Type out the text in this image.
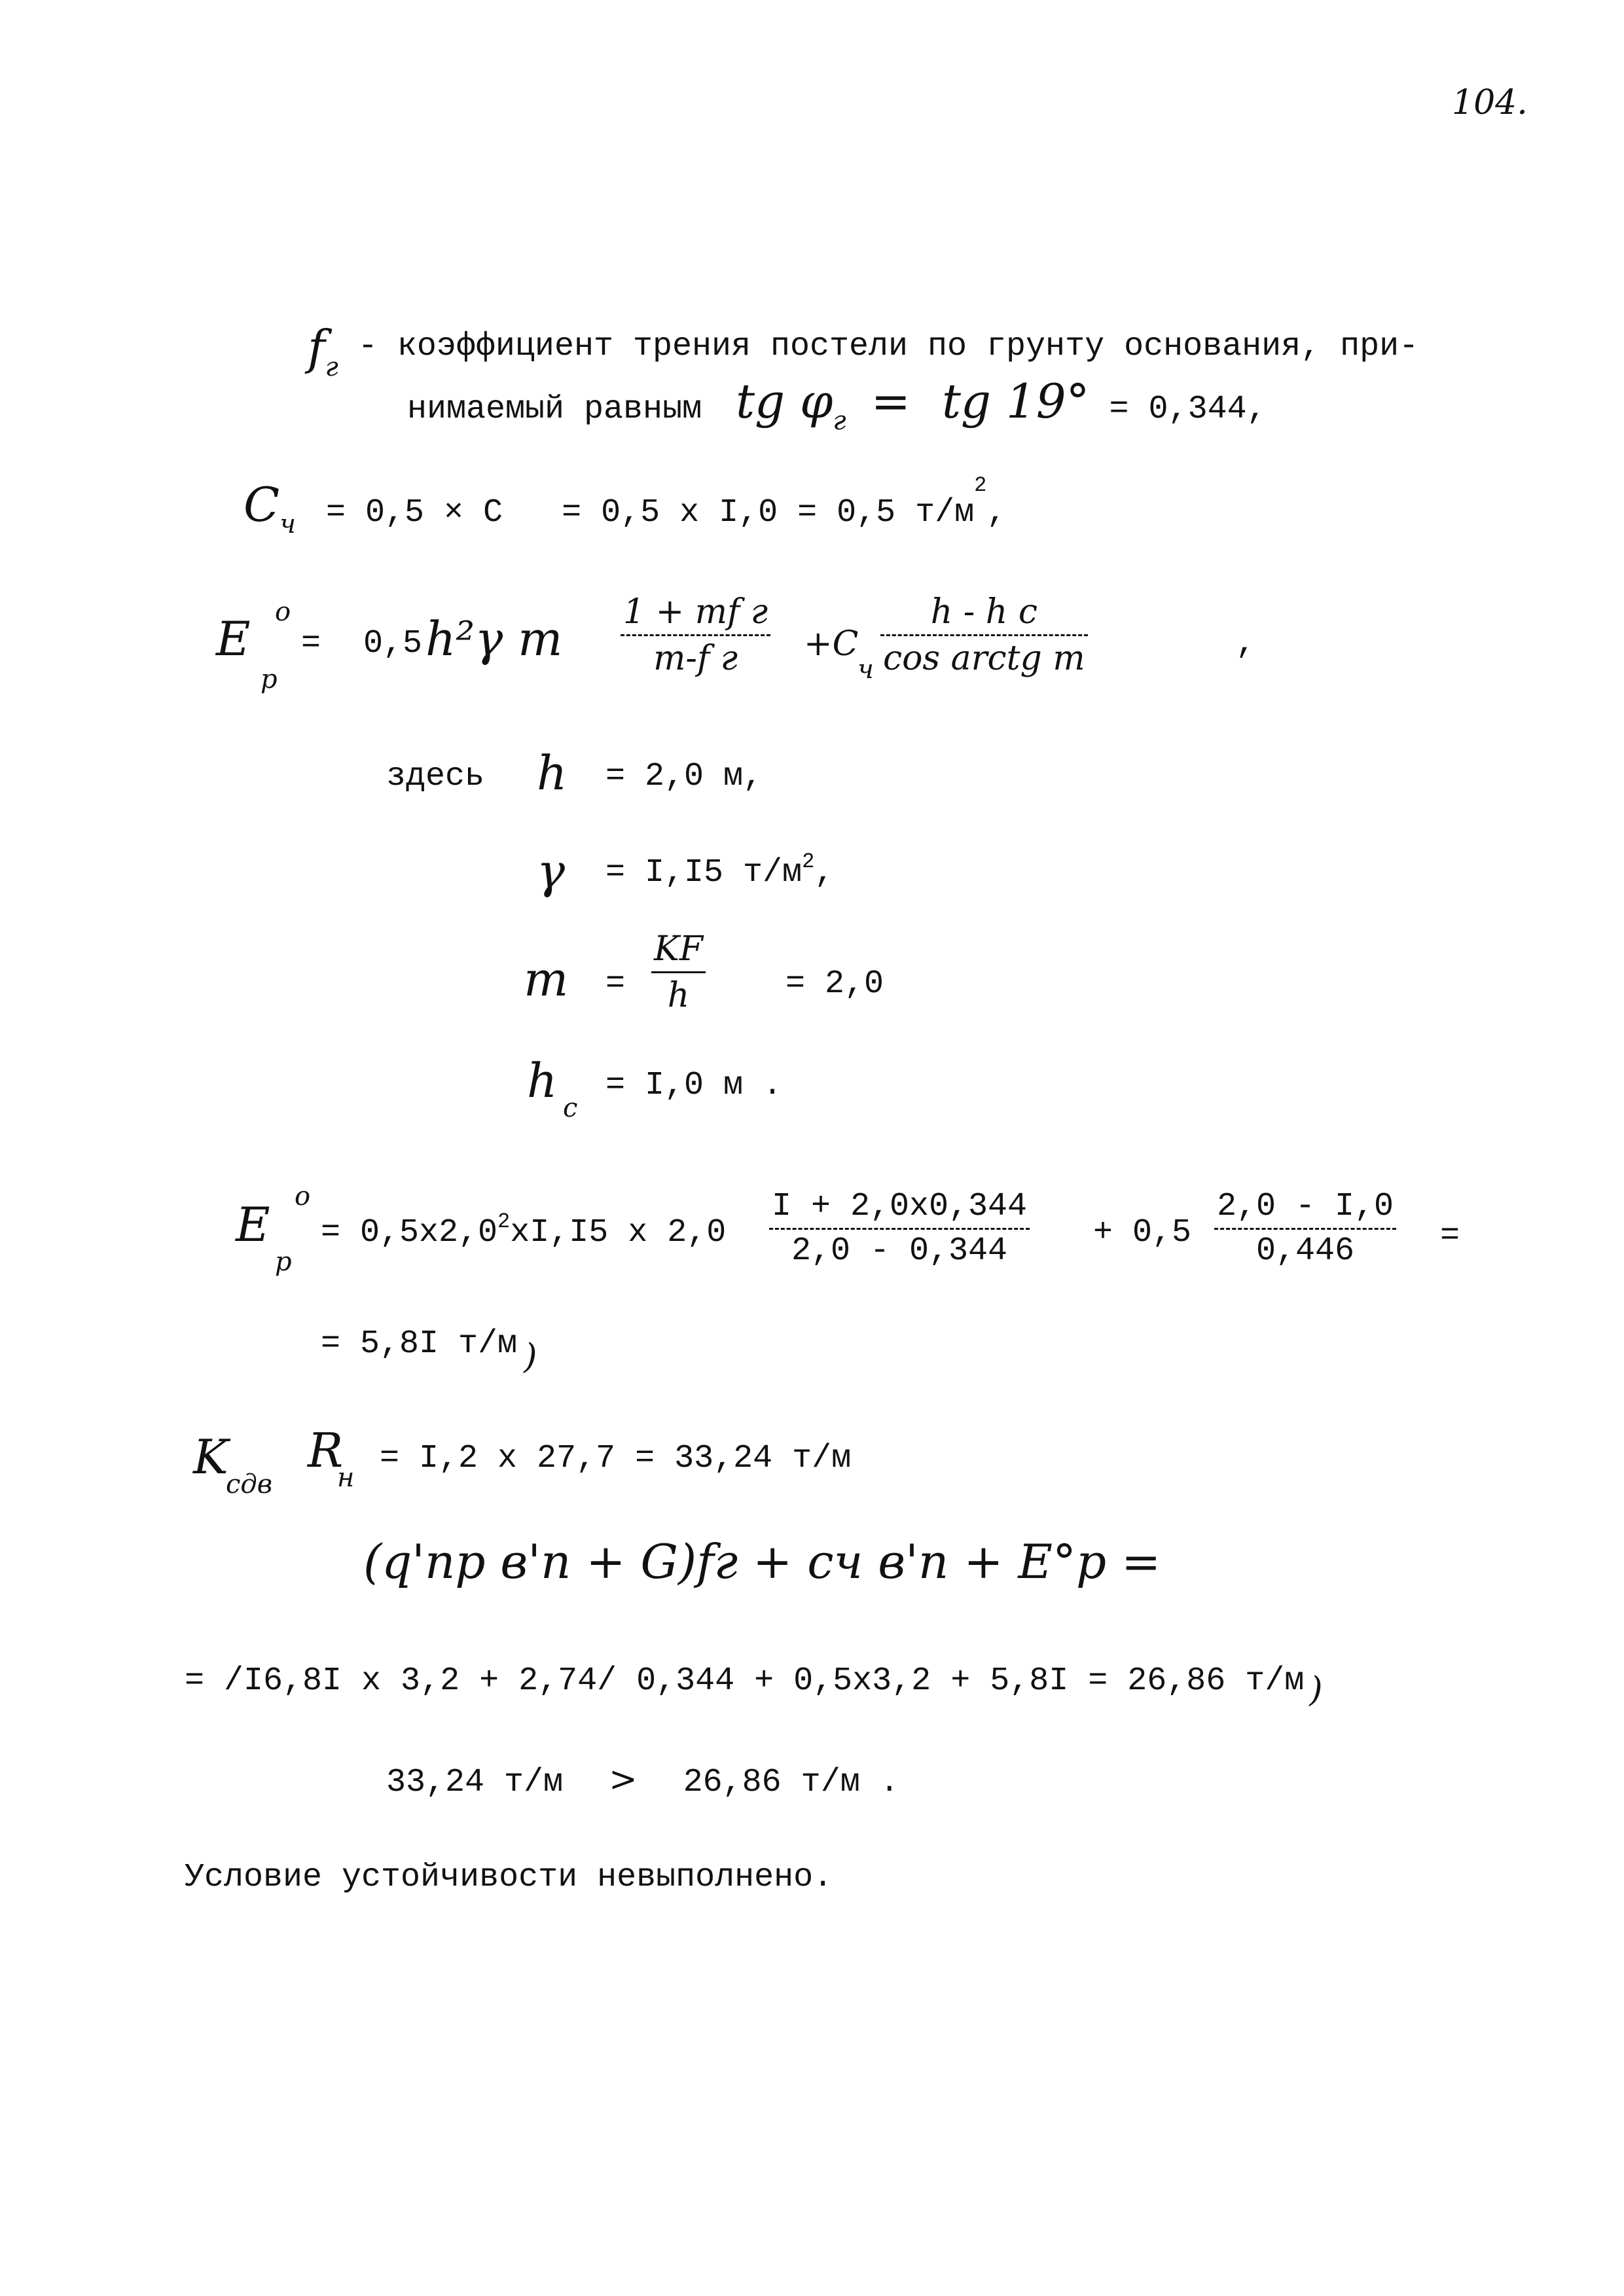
104.
$f_г$ - коэффициент трения постели по грунту основания, при-
нимаемый равным tg $\varphi_г$ = tg 19° = 0,344,
$C_ч = 0,5 \times C = 0,5$ x I,0 = 0,5 $т/м^2$,
E o
p
= 0,5 h²γ m 1 + mf г
m-f г	+C
ч
h - h c
cos arctg m	,
здесь h = 2,0 м,
γ = I,I5 $т/м^2$,
m =
KF
h	= 2,0
h c
= I,0 м .
E
o
p
= $0,5x2,0^2xI,I5$ x 2,0
I + 2,0x0,344
2,0 - 0,344	+ 0,5
2,0 - I,0
0,446	=
= 5,8I т/м )
K
сдв
R
н
= I,2 x 27,7 = 33,24 т/м
(q'пр в'п + G)fг + cч в'п + E°р =
= /I6,8I x 3,2 + 2,74/ 0,344 + 0,5x3,2 + 5,8I = 26,86 т/м )
33,24 т/м > 26,86 т/м .
Условие устойчивости невыполнено.
